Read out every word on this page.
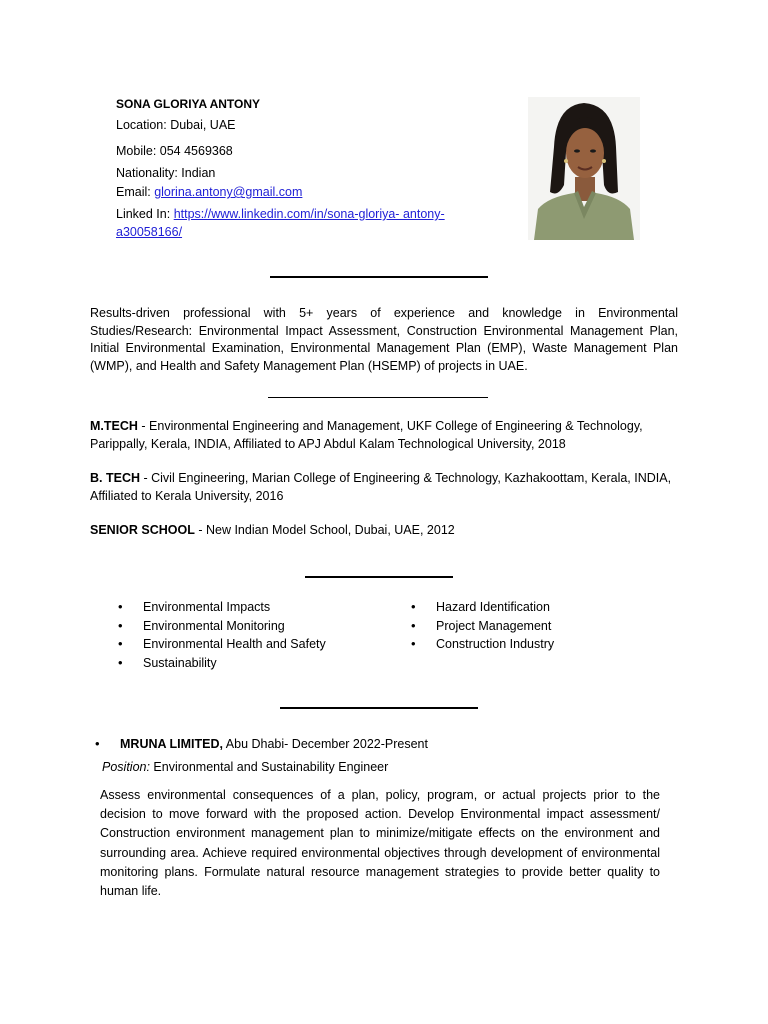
SONA GLORIYA ANTONY
Location: Dubai, UAE
Mobile: 054 4569368
Nationality: Indian
Email: glorina.antony@gmail.com
Linked In: https://www.linkedin.com/in/sona-gloriya- antony-
a30058166/
Results-driven professional with 5+ years of experience and knowledge in Environmental Studies/Research: Environmental Impact Assessment, Construction Environmental Management Plan, Initial Environmental Examination, Environmental Management Plan (EMP), Waste Management Plan (WMP), and Health and Safety Management Plan (HSEMP) of projects in UAE.
M.TECH - Environmental Engineering and Management, UKF College of Engineering & Technology, Parippally, Kerala, INDIA, Affiliated to APJ Abdul Kalam Technological University, 2018
B. TECH - Civil Engineering, Marian College of Engineering & Technology, Kazhakoottam, Kerala, INDIA, Affiliated to Kerala University, 2016
SENIOR SCHOOL - New Indian Model School, Dubai, UAE, 2012
• Environmental Impacts
• Environmental Monitoring
• Environmental Health and Safety
• Sustainability
• Hazard Identification
• Project Management
• Construction Industry
• MRUNA LIMITED, Abu Dhabi- December 2022-Present
Position: Environmental and Sustainability Engineer
Assess environmental consequences of a plan, policy, program, or actual projects prior to the decision to move forward with the proposed action. Develop Environmental impact assessment/ Construction environment management plan to minimize/mitigate effects on the environment and surrounding area. Achieve required environmental objectives through development of environmental monitoring plans. Formulate natural resource management strategies to provide better quality to human life.
